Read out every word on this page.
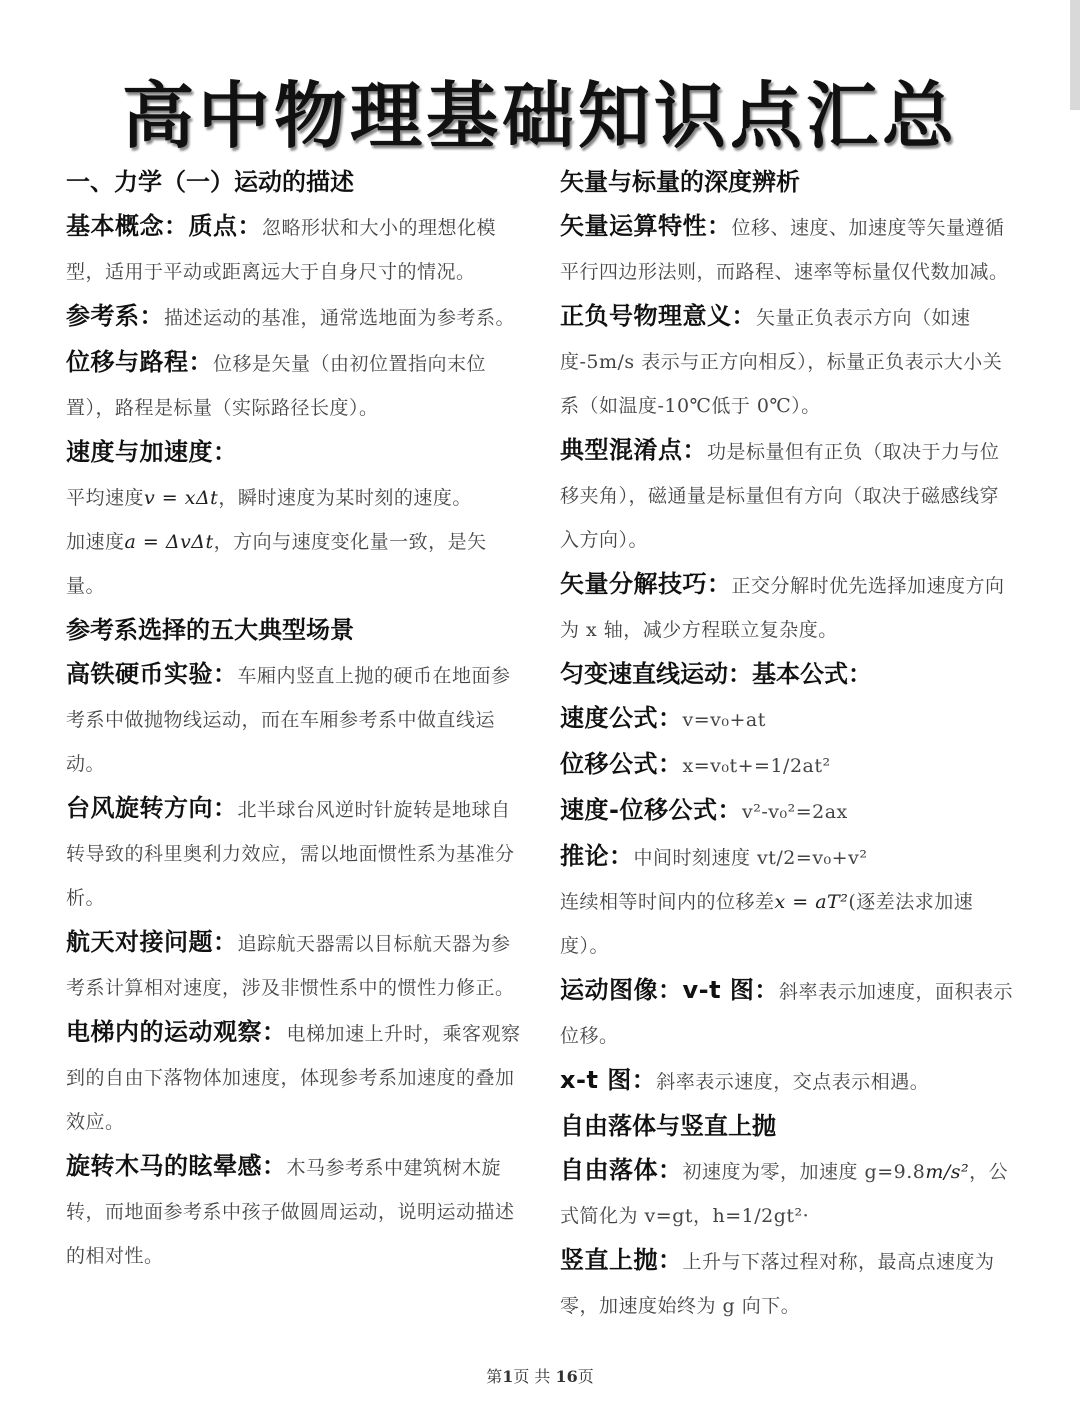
高中物理基础知识点汇总

一、力学（一）运动的描述

基本概念：质点：忽略形状和大小的理想化模型，适用于平动或距离远大于自身尺寸的情况。

参考系：描述运动的基准，通常选地面为参考系。

位移与路程：位移是矢量（由初位置指向末位置），路程是标量（实际路径长度）。

速度与加速度：

平均速度v = xΔt，瞬时速度为某时刻的速度。

加速度a = ΔvΔt，方向与速度变化量一致，是矢量。

参考系选择的五大典型场景

高铁硬币实验：车厢内竖直上抛的硬币在地面参考系中做抛物线运动，而在车厢参考系中做直线运动。

台风旋转方向：北半球台风逆时针旋转是地球自转导致的科里奥利力效应，需以地面惯性系为基准分析。

航天对接问题：追踪航天器需以目标航天器为参考系计算相对速度，涉及非惯性系中的惯性力修正。

电梯内的运动观察：电梯加速上升时，乘客观察到的自由下落物体加速度，体现参考系加速度的叠加效应。

旋转木马的眩晕感：木马参考系中建筑树木旋转，而地面参考系中孩子做圆周运动，说明运动描述的相对性。

矢量与标量的深度辨析

矢量运算特性：位移、速度、加速度等矢量遵循平行四边形法则，而路程、速率等标量仅代数加减。

正负号物理意义：矢量正负表示方向（如速度-5m/s 表示与正方向相反），标量正负表示大小关系（如温度-10℃低于 0℃）。

典型混淆点：功是标量但有正负（取决于力与位移夹角），磁通量是标量但有方向（取决于磁感线穿入方向）。

矢量分解技巧：正交分解时优先选择加速度方向为 x 轴，减少方程联立复杂度。

匀变速直线运动：基本公式：

速度公式：v=v₀+at

位移公式：x=v₀t+=1/2at²

速度-位移公式：v²-v₀²=2ax

推论：中间时刻速度 vt/2=v₀+v²

连续相等时间内的位移差x = aT²(逐差法求加速度）。

运动图像：v-t 图：斜率表示加速度，面积表示位移。

x-t 图：斜率表示速度，交点表示相遇。

自由落体与竖直上抛

自由落体：初速度为零，加速度 g=9.8m/s²，公式简化为 v=gt，h=1/2gt²·

竖直上抛：上升与下落过程对称，最高点速度为零，加速度始终为 g 向下。

第1页 共 16页
